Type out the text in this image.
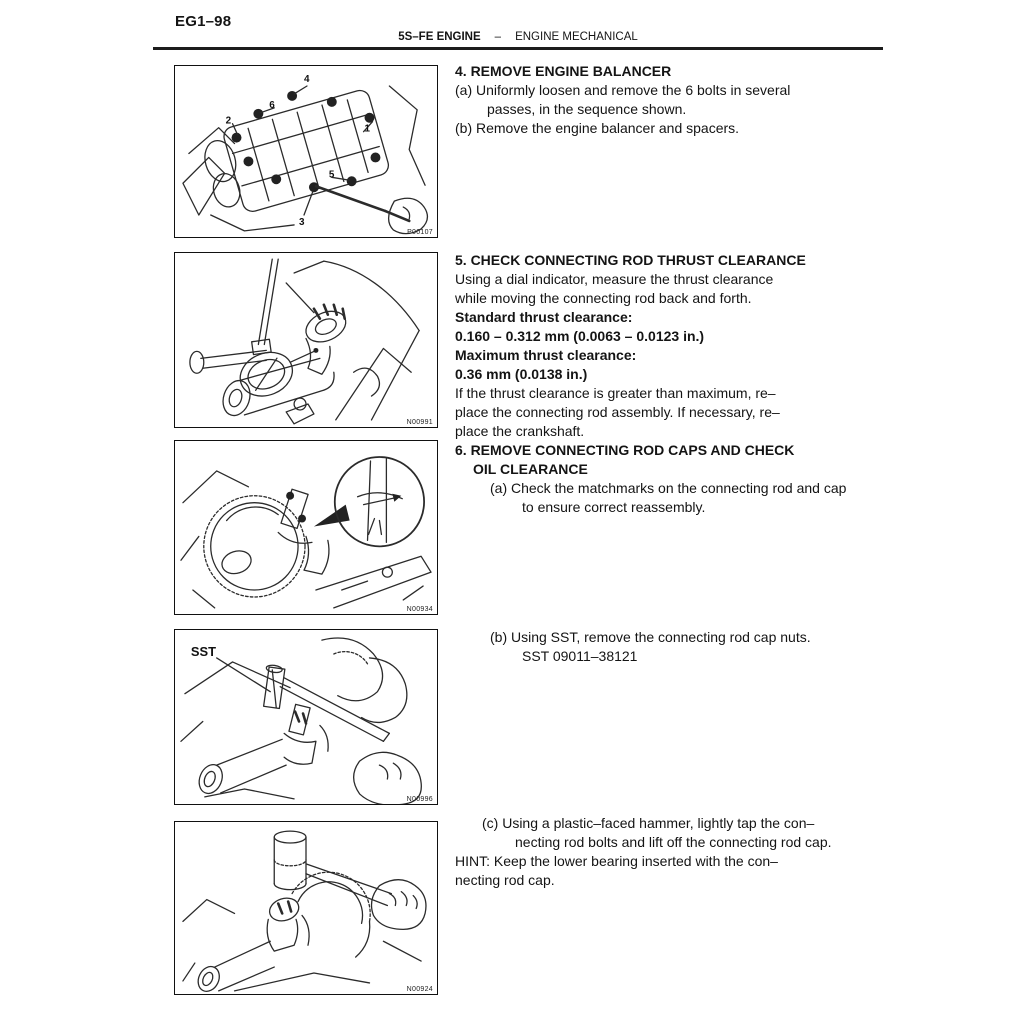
EG1–98
5S–FE ENGINE – ENGINE MECHANICAL
4
6
2
1
5
3
P00107
N00991
N00934
SST
N00996
N00924
4. REMOVE ENGINE BALANCER
(a) Uniformly loosen and remove the 6 bolts in several
passes, in the sequence shown.
(b) Remove the engine balancer and spacers.
5. CHECK CONNECTING ROD THRUST CLEARANCE
Using a dial indicator, measure the thrust clearance
while moving the connecting rod back and forth.
Standard thrust clearance:
0.160 – 0.312 mm (0.0063 – 0.0123 in.)
Maximum thrust clearance:
0.36 mm (0.0138 in.)
If the thrust clearance is greater than maximum, re–
place the connecting rod assembly. If necessary, re–
place the crankshaft.
6. REMOVE CONNECTING ROD CAPS AND CHECK
OIL CLEARANCE
(a) Check the matchmarks on the connecting rod and cap
to ensure correct reassembly.
(b) Using SST, remove the connecting rod cap nuts.
SST 09011–38121
(c) Using a plastic–faced hammer, lightly tap the con–
necting rod bolts and lift off the connecting rod cap.
HINT: Keep the lower bearing inserted with the con–
necting rod cap.
